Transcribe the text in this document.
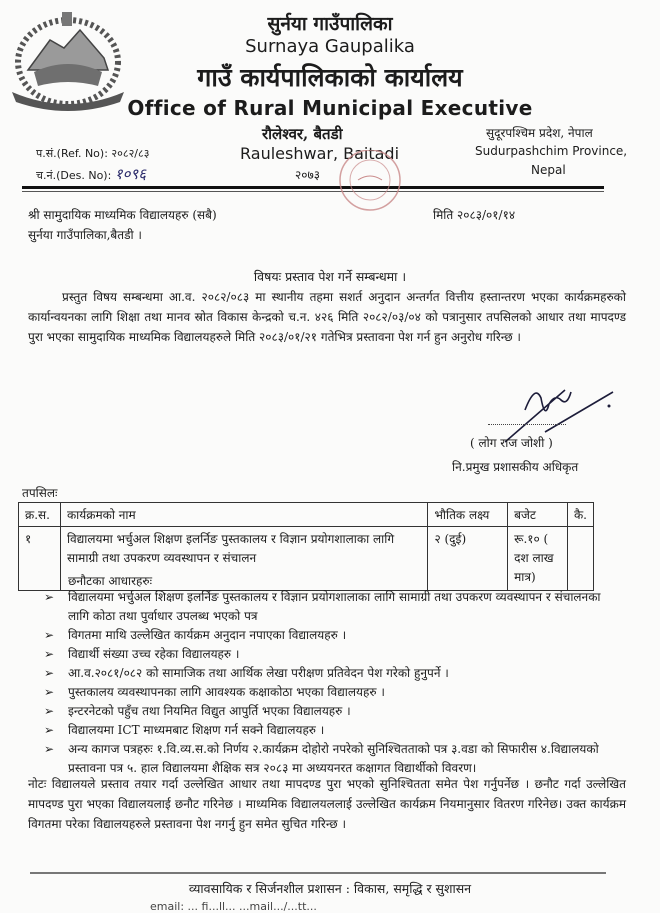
सुर्नया गाउँपालिका
Surnaya Gaupalika
गाउँ कार्यपालिकाको कार्यालय
Office of Rural Municipal Executive
रौलेश्वर, बैतडी
Rauleshwar, Baitadi
२०७३
सुदूरपश्चिम प्रदेश, नेपाल
Sudurpashchim Province,
Nepal
प.सं.(Ref. No): २०८२/८३
च.नं.(Des. No): १०९६
श्री सामुदायिक माध्यमिक विद्यालयहरु (सबै)
सुर्नया गाउँपालिका,बैतडी ।
मिति २०८३/०१/१४
विषयः प्रस्ताव पेश गर्ने सम्बन्धमा ।
प्रस्तुत विषय सम्बन्धमा आ.व. २०८२/०८३ मा स्थानीय तहमा सशर्त अनुदान अन्तर्गत वित्तीय हस्तान्तरण भएका कार्यक्रमहरुको कार्यान्वयनका लागि शिक्षा तथा मानव स्रोत विकास केन्द्रको च.न. ४२६ मिति २०८२/०३/०४ को पत्रानुसार तपसिलको आधार तथा मापदण्ड पुरा भएका सामुदायिक माध्यमिक विद्यालयहरुले मिति २०८३/०१/२१ गतेभित्र प्रस्तावना पेश गर्न हुन अनुरोध गरिन्छ ।
( लोग राज जोशी )
नि.प्रमुख प्रशासकीय अधिकृत
तपसिलः
क्र.स.	कार्यक्रमको नाम	भौतिक लक्ष्य	बजेट	कै.
१	विद्यालयमा भर्चुअल शिक्षण इलर्निङ पुस्तकालय र विज्ञान प्रयोगशालाका लागि सामाग्री तथा उपकरण व्यवस्थापन र संचालन	२ (दुई)	रू.१० ( दश लाख मात्र)	
छनौटका आधारहरुः
➢ विद्यालयमा भर्चुअल शिक्षण इलर्निङ पुस्तकालय र विज्ञान प्रयोगशालाका लागि सामाग्री तथा उपकरण व्यवस्थापन र संचालनका लागि कोठा तथा पुर्वाधार उपलब्ध भएको पत्र
➢ विगतमा माथि उल्लेखित कार्यक्रम अनुदान नपाएका विद्यालयहरु ।
➢ विद्यार्थी संख्या उच्च रहेका विद्यालयहरु ।
➢ आ.व.२०८१/०८२ को सामाजिक तथा आर्थिक लेखा परीक्षण प्रतिवेदन पेश गरेको हुनुपर्ने ।
➢ पुस्तकालय व्यवस्थापनका लागि आवश्यक कक्षाकोठा भएका विद्यालयहरु ।
➢ इन्टरनेटको पहुँच तथा नियमित विद्युत आपुर्ति भएका विद्यालयहरु ।
➢ विद्यालयमा ICT माध्यमबाट शिक्षण गर्न सक्ने विद्यालयहरु ।
➢ अन्य कागज पत्रहरुः १.वि.व्य.स.को निर्णय २.कार्यक्रम दोहोरो नपरेको सुनिश्चितताको पत्र ३.वडा को सिफारीस ४.विद्यालयको प्रस्तावना पत्र ५. हाल विद्यालयमा शैक्षिक सत्र २०८३ मा अध्ययनरत कक्षागत विद्यार्थीको विवरण।
नोटः विद्यालयले प्रस्ताव तयार गर्दा उल्लेखित आधार तथा मापदण्ड पुरा भएको सुनिश्चितता समेत पेश गर्नुपर्नेछ । छनौट गर्दा उल्लेखित मापदण्ड पुरा भएका विद्यालयलाई छनौट गरिनेछ । माध्यमिक विद्यालयललाई उल्लेखित कार्यक्रम नियमानुसार वितरण गरिनेछ। उक्त कार्यक्रम विगतमा परेका विद्यालयहरुले प्रस्तावना पेश नगर्नु हुन समेत सुचित गरिन्छ ।
व्यावसायिक र सिर्जनशील प्रशासन : विकास, समृद्धि र सुशासन
email: ... fi...ll... ...mail.../...tt...
